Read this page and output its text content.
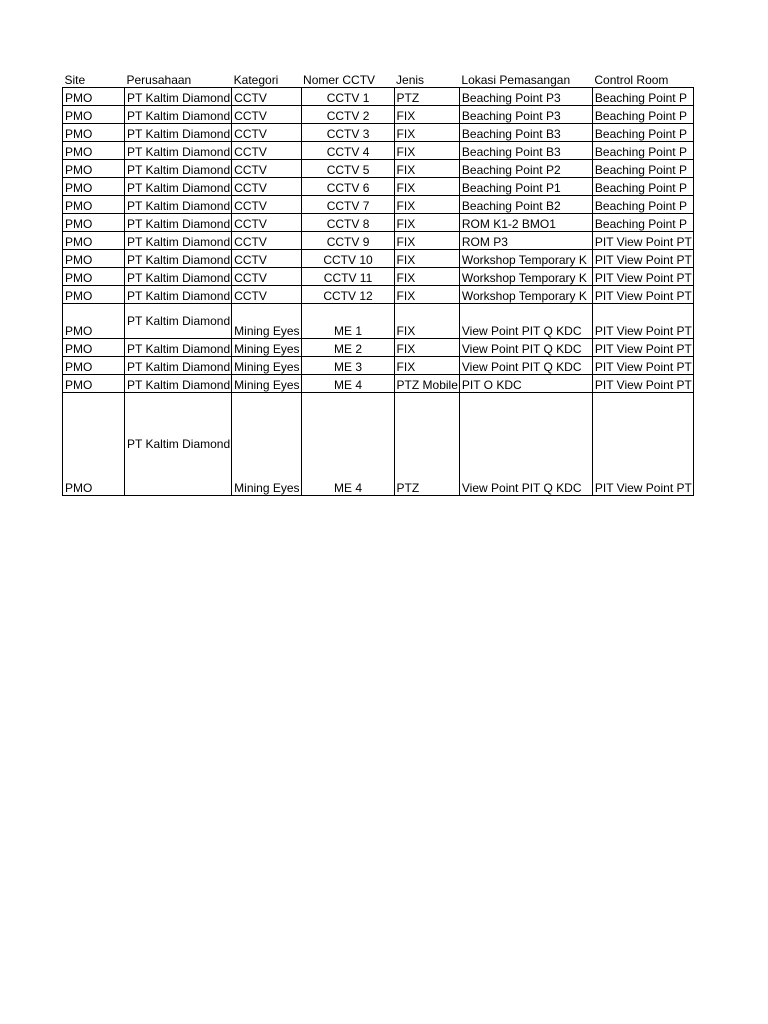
Site	Perusahaan	Kategori	Nomer CCTV	Jenis	Lokasi Pemasangan	Control Room
PMO	PT Kaltim Diamond	CCTV	CCTV 1	PTZ	Beaching Point P3	Beaching Point P
PMO	PT Kaltim Diamond	CCTV	CCTV 2	FIX	Beaching Point P3	Beaching Point P
PMO	PT Kaltim Diamond	CCTV	CCTV 3	FIX	Beaching Point B3	Beaching Point P
PMO	PT Kaltim Diamond	CCTV	CCTV 4	FIX	Beaching Point B3	Beaching Point P
PMO	PT Kaltim Diamond	CCTV	CCTV 5	FIX	Beaching Point P2	Beaching Point P
PMO	PT Kaltim Diamond	CCTV	CCTV 6	FIX	Beaching Point P1	Beaching Point P
PMO	PT Kaltim Diamond	CCTV	CCTV 7	FIX	Beaching Point B2	Beaching Point P
PMO	PT Kaltim Diamond	CCTV	CCTV 8	FIX	ROM K1-2 BMO1	Beaching Point P
PMO	PT Kaltim Diamond	CCTV	CCTV 9	FIX	ROM P3	PIT View Point PT
PMO	PT Kaltim Diamond	CCTV	CCTV 10	FIX	Workshop Temporary K	PIT View Point PT
PMO	PT Kaltim Diamond	CCTV	CCTV 11	FIX	Workshop Temporary K	PIT View Point PT
PMO	PT Kaltim Diamond	CCTV	CCTV 12	FIX	Workshop Temporary K	PIT View Point PT
PMO	PT Kaltim Diamond	Mining Eyes	ME 1	FIX	View Point PIT Q KDC	PIT View Point PT
PMO	PT Kaltim Diamond	Mining Eyes	ME 2	FIX	View Point PIT Q KDC	PIT View Point PT
PMO	PT Kaltim Diamond	Mining Eyes	ME 3	FIX	View Point PIT Q KDC	PIT View Point PT
PMO	PT Kaltim Diamond	Mining Eyes	ME 4	PTZ Mobile	PIT O KDC	PIT View Point PT
PMO	PT Kaltim Diamond	Mining Eyes	ME 4	PTZ	View Point PIT Q KDC	PIT View Point PT
